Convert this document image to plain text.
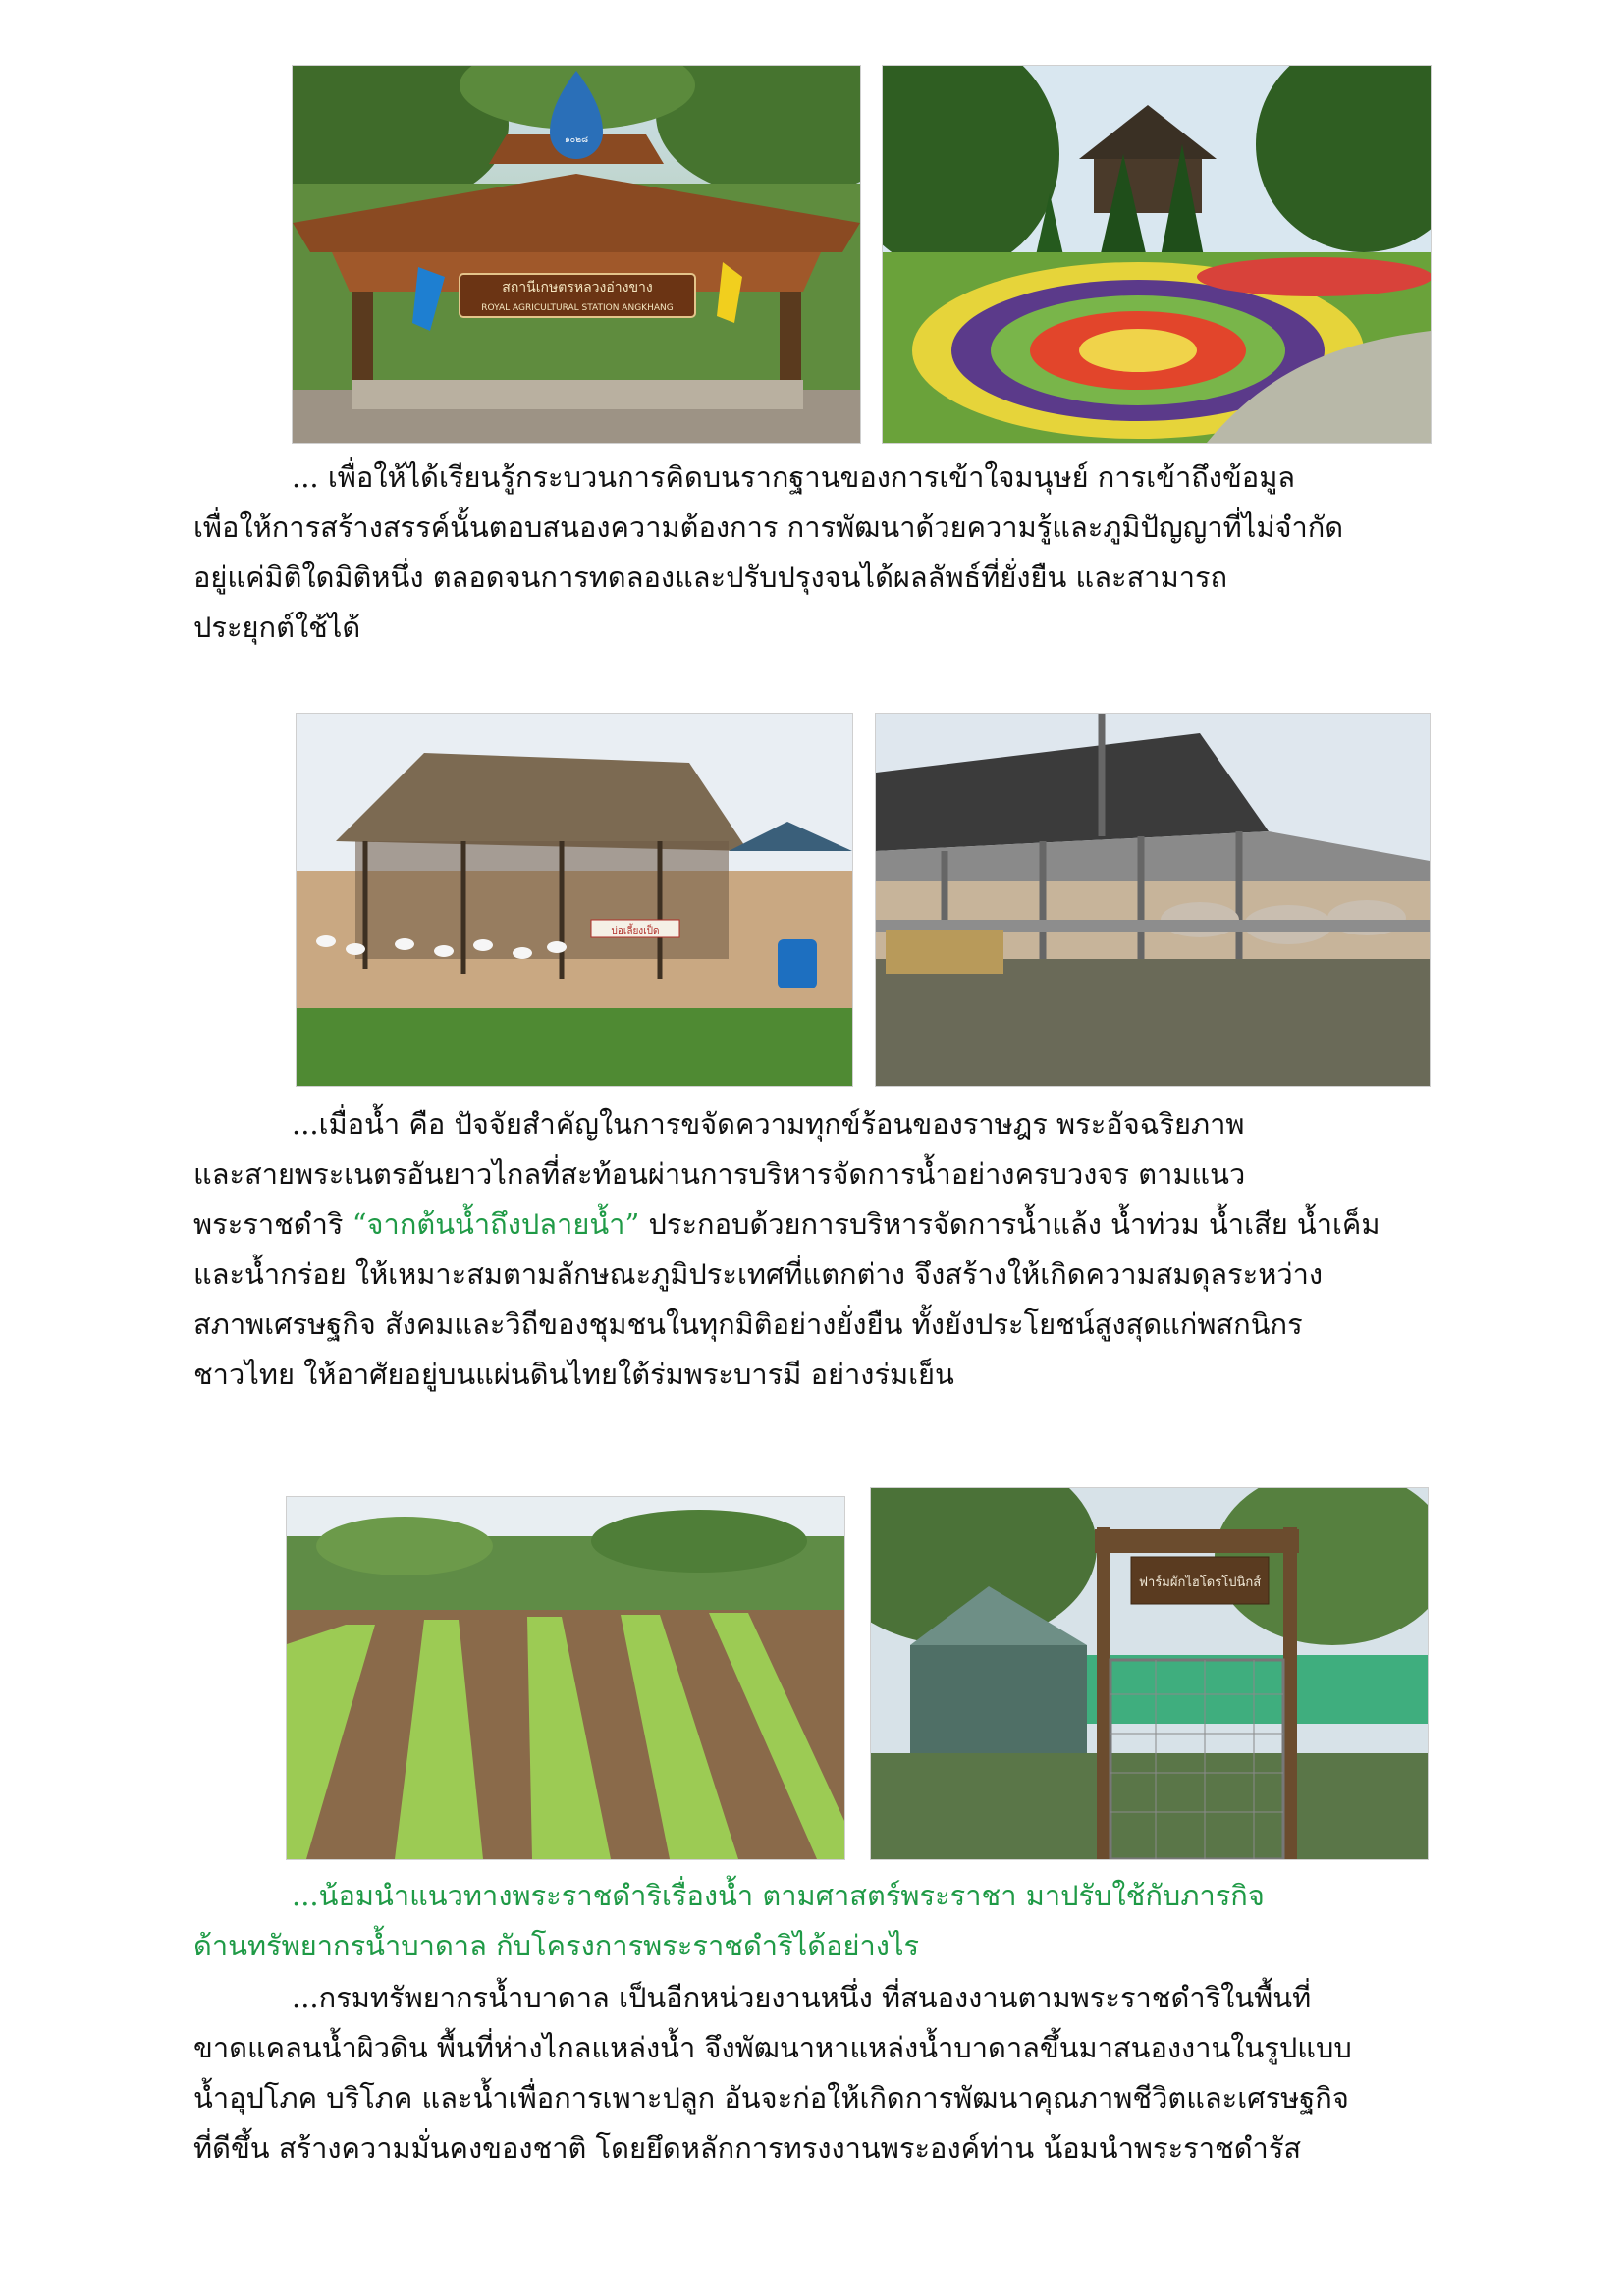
๑๐๒๘
สถานีเกษตรหลวงอ่างขาง
ROYAL AGRICULTURAL STATION ANGKHANG
... เพื่อให้ได้เรียนรู้กระบวนการคิดบนรากฐานของการเข้าใจมนุษย์ การเข้าถึงข้อมูล
เพื่อให้การสร้างสรรค์นั้นตอบสนองความต้องการ การพัฒนาด้วยความรู้และภูมิปัญญาที่ไม่จำกัด
อยู่แค่มิติใดมิติหนึ่ง ตลอดจนการทดลองและปรับปรุงจนได้ผลลัพธ์ที่ยั่งยืน และสามารถ
ประยุกต์ใช้ได้
บ่อเลี้ยงเป็ด
...เมื่อน้ำ คือ ปัจจัยสำคัญในการขจัดความทุกข์ร้อนของราษฎร พระอัจฉริยภาพ
และสายพระเนตรอันยาวไกลที่สะท้อนผ่านการบริหารจัดการน้ำอย่างครบวงจร ตามแนว
พระราชดำริ “จากต้นน้ำถึงปลายน้ำ” ประกอบด้วยการบริหารจัดการน้ำแล้ง น้ำท่วม น้ำเสีย น้ำเค็ม
และน้ำกร่อย ให้เหมาะสมตามลักษณะภูมิประเทศที่แตกต่าง จึงสร้างให้เกิดความสมดุลระหว่าง
สภาพเศรษฐกิจ สังคมและวิถีของชุมชนในทุกมิติอย่างยั่งยืน ทั้งยังประโยชน์สูงสุดแก่พสกนิกร
ชาวไทย ให้อาศัยอยู่บนแผ่นดินไทยใต้ร่มพระบารมี อย่างร่มเย็น
ฟาร์มผักไฮโดรโปนิกส์
...น้อมนำแนวทางพระราชดำริเรื่องน้ำ ตามศาสตร์พระราชา มาปรับใช้กับภารกิจ
ด้านทรัพยากรน้ำบาดาล กับโครงการพระราชดำริได้อย่างไร
...กรมทรัพยากรน้ำบาดาล เป็นอีกหน่วยงานหนึ่ง ที่สนองงานตามพระราชดำริในพื้นที่
ขาดแคลนน้ำผิวดิน พื้นที่ห่างไกลแหล่งน้ำ จึงพัฒนาหาแหล่งน้ำบาดาลขึ้นมาสนองงานในรูปแบบ
น้ำอุปโภค บริโภค และน้ำเพื่อการเพาะปลูก อันจะก่อให้เกิดการพัฒนาคุณภาพชีวิตและเศรษฐกิจ
ที่ดีขึ้น สร้างความมั่นคงของชาติ โดยยึดหลักการทรงงานพระองค์ท่าน น้อมนำพระราชดำรัส
